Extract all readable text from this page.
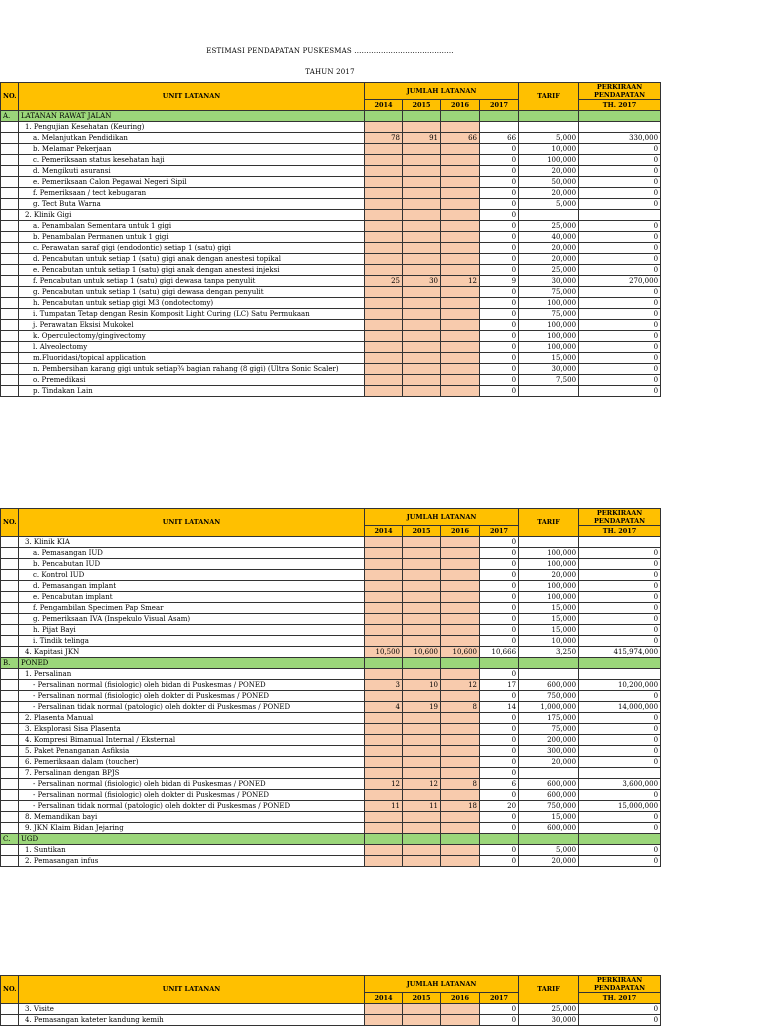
ESTIMASI PENDAPATAN PUSKESMAS .........................................
TAHUN 2017
NO.	UNIT LATANAN	JUMLAH LATANAN				TARIF	PERKIRAAN PENDAPATAN
		2014	2015	2016	2017		TH. 2017
A.	LATANAN RAWAT JALAN						
	1. Pengujian Kesehatan (Keuring)						
	a. Melanjutkan Pendidikan	78	91	66	66	5,000	330,000
	b. Melamar Pekerjaan				0	10,000	0
	c. Pemeriksaan status kesehatan haji				0	100,000	0
	d. Mengikuti asuransi				0	20,000	0
	e. Pemeriksaan Calon Pegawai Negeri Sipil				0	50,000	0
	f. Pemeriksaan / tect kebugaran				0	20,000	0
	g. Tect Buta Warna				0	5,000	0
	2. Klinik Gigi				0		
	a. Penambalan Sementara untuk 1 gigi				0	25,000	0
	b. Penambalan Permanen untuk 1 gigi				0	40,000	0
	c. Perawatan saraf gigi (endodontic) setiap 1 (satu) gigi				0	20,000	0
	d. Pencabutan untuk setiap 1 (satu) gigi anak dengan anestesi topikal				0	20,000	0
	e. Pencabutan untuk setiap 1 (satu) gigi anak dengan anestesi injeksi				0	25,000	0
	f. Pencabutan untuk setiap 1 (satu) gigi dewasa tanpa penyulit	25	30	12	9	30,000	270,000
	g. Pencabutan untuk setiap 1 (satu) gigi dewasa dengan penyulit				0	75,000	0
	h. Pencabutan untuk setiap gigi M3 (ondotectomy)				0	100,000	0
	i. Tumpatan Tetap dengan Resin Komposit Light Curing (LC) Satu Permukaan				0	75,000	0
	j. Perawatan Eksisi Mukokel				0	100,000	0
	k. Operculectomy/gingivectomy				0	100,000	0
	l. Alveolectomy				0	100,000	0
	m.Fluoridasi/topical application				0	15,000	0
	n. Pembersihan karang gigi untuk setiap¾ bagian rahang (8 gigi) (Ultra Sonic Scaler)				0	30,000	0
	o. Premedikasi				0	7,500	0
	p. Tindakan Lain				0		0
NO.	UNIT LATANAN	JUMLAH LATANAN				TARIF	PERKIRAAN PENDAPATAN
		2014	2015	2016	2017		TH. 2017
	3. Klinik KIA				0		
	a. Pemasangan IUD				0	100,000	0
	b. Pencabutan IUD				0	100,000	0
	c. Kontrol IUD				0	20,000	0
	d. Pemasangan implant				0	100,000	0
	e. Pencabutan implant				0	100,000	0
	f. Pengambilan Specimen Pap Smear				0	15,000	0
	g. Pemeriksaan IVA (Inspekulo Visual Asam)				0	15,000	0
	h. Pijat Bayi				0	15,000	0
	i. Tindik telinga				0	10,000	0
	4. Kapitasi JKN	10,500	10,600	10,600	10,666	3,250	415,974,000
B.	PONED						
	1. Persalinan				0		
	- Persalinan normal (fisiologic) oleh bidan di Puskesmas / PONED	3	10	12	17	600,000	10,200,000
	- Persalinan normal (fisiologic) oleh dokter di Puskesmas / PONED				0	750,000	0
	- Persalinan tidak normal (patologic) oleh dokter di Puskesmas / PONED	4	19	8	14	1,000,000	14,000,000
	2. Plasenta Manual				0	175,000	0
	3. Eksplorasi Sisa Plasenta				0	75,000	0
	4. Kompresi Bimanual Internal / Eksternal				0	200,000	0
	5. Paket Penanganan Asfiksia				0	300,000	0
	6. Pemeriksaan dalam (toucher)				0	20,000	0
	7. Persalinan dengan BPJS				0		
	- Persalinan normal (fisiologic) oleh bidan di Puskesmas / PONED	12	12	8	6	600,000	3,600,000
	- Persalinan normal (fisiologic) oleh dokter di Puskesmas / PONED				0	600,000	0
	- Persalinan tidak normal (patologic) oleh dokter di Puskesmas / PONED	11	11	18	20	750,000	15,000,000
	8. Memandikan bayi				0	15,000	0
	9. JKN Klaim Bidan Jejaring				0	600,000	0
C.	UGD						
	1. Suntikan				0	5,000	0
	2. Pemasangan infus				0	20,000	0
NO.	UNIT LATANAN	JUMLAH LATANAN				TARIF	PERKIRAAN PENDAPATAN
		2014	2015	2016	2017		TH. 2017
	3. Visite				0	25,000	0
	4. Pemasangan kateter kandung kemih				0	30,000	0
